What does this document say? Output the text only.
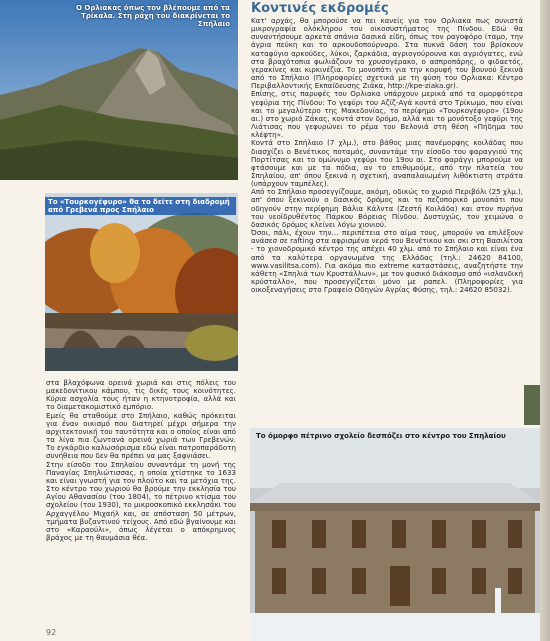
Ο Ορλιακας όπως τον βλέπουμε από τα Τρίκαλα. Στη ράχη του διακρίνεται το Σπήλαιο
Το «Τουρκογέφυρο» θα το δείτε στη διαδρομή από Γρεβενά προς Σπήλαιο

στα βλαχόφωνα ορεινά χωριά και στις πόλεις του μακεδονίτικου κάμπου, τις δικές τους κοινότητες. Κύρια ασχολία τους ήταν η κτηνοτροφία, αλλά και το διαμετακομιστικό εμπόριο.

Εμείς θα σταθούμε στο Σπήλαιο, καθώς πρόκειται για έναν οικισμό που διατηρεί μέχρι σήμερα την αρχιτεκτονική του ταυτότητα και ο οποίος είναι από τα λίγα πια ζωντανά ορεινά χωριά των Γρεβενών. Το εγκάρδιο καλωσόρισμα εδώ είναι πατροπαράδοτη συνήθεια που δεν θα πρέπει να μας ξαφνιάσει.

Στην είσοδο του Σπηλαίου συναντάμε τη μονή της Παναγίας Σπηλιώτισσας, η οποία χτίστηκε το 1633 και είναι γνωστή για τον πλούτο και τα μετόχια της. Στο κέντρο του χωριού θα βρούμε την εκκλησία του Αγίου Αθανασίου (του 1804), το πέτρινο κτίσμα του σχολείου (του 1930), το μικροσκοπικό εκκλησάκι του Αρχαγγέλου Μιχαήλ και, σε απόσταση 50 μέτρων, τμήματα βυζαντινού τείχους. Από εδώ βγαίνουμε και στο «Καραούλι», όπως λέγεται ο απόκρημνος βράχος με τη θαυμάσια θέα.

92
Κοντινές εκδρομές

Κατ' αρχάς, θα μπορούσε να πει κανείς για τον Ορλιακα πως συνιστά μικρογραφία ολόκληρου του οικοσυστήματος της Πίνδου. Εδώ θα συναντήσουμε αρκετά σπάνια δασικά είδη, όπως τον ραγοφόρο ίταμο, την άγρια πεύκη και το αρκουδοπούρναρο. Στα πυκνά δάση του βρίσκουν καταφύγιο αρκούδες, λύκοι, ζαρκάδια, αγριογούρουνα και αγριόγατες, ενώ στα βραχότοπια φωλιάζουν το χρυσογέρακο, ο ασπροπάρης, ο φιδαετός, γερακίνες και κιρκινέζια. Το μονοπάτι για την κορυφή του βουνού ξεκινά από το Σπήλαιο (Πληροφορίες σχετικά με τη φύση του Ορλιακα: Κέντρο Περιβαλλοντικής Εκπαίδευσης Ζιάκα, http://kpe-ziaka.gr).

Επίσης, στις παρυφές του Ορλιακα υπάρχουν μερικά από τα ομορφότερα γεφύρια της Πίνδου: Το γεφύρι του Αζίζ-Αγά κοντά στο Τρίκωμο, που είναι και το μεγαλύτερο της Μακεδονίας, το περίφημο «Τουρκογέφυρο» (19ου αι.) στο χωριό Ζάκας, κοντά στον δρόμο, αλλά και το μονότοξο γεφύρι της Λιάτισας που γεφυρώνει το ρέμα του Βελονιά στη θέση «Πήδημα του κλέφτη».

Κοντά στο Σπήλαιο (7 χλμ.), στο βάθος μιας πανέμορφης κοιλάδας που διασχίζει ο Βενέτικος ποταμός, συναντάμε την είσοδο του φαραγγιού της Πορτίτσας και το ομώνυμο γεφύρι του 19ου αι. Στο φαράγγι μπορούμε να φτάσουμε και με τα πόδια, αν το επιθυμούμε, από την πλατεία του Σπηλαίου, απ' όπου ξεκινά η σχετική, αναπαλαιωμένη λιθόκτιστη στράτα (υπάρχουν ταμπέλες).

Από το Σπήλαιο προσεγγίζουμε, ακόμη, οδικώς το χωριό Περιβόλι (25 χλμ.), απ' όπου ξεκινούν ο δασικός δρόμος και το πεζοπορικό μονοπάτι που οδηγούν στην περίφημη Βάλια Κάλντα (Ζεστή Κοιλάδα) και στον πυρήνα του νεοϊδρυθέντος Πάρκου Βόρειας Πίνδου. Δυστυχώς, τον χειμώνα ο δασικός δρόμος κλείνει λόγω χιονιού.

Όσοι, πάλι, έχουν την… περιπέτεια στο αίμα τους, μπορούν να επιλέξουν ανάσεσ σε rafting στα αφρισμένα νερά του Βενέτικου και σκι στη Βασιλίτσα - το χιονοδρομικό κέντρο της απέχει 40 χλμ. από το Σπήλαιο και είναι ένα από τα καλύτερα οργανωμένα της Ελλάδας (τηλ.: 24620 84100, www.vasilitsa.com). Για ακόμα πιο extreme καταστάσεις, αναζητήστε την κάθετη «Σπηλιά των Κρυστάλλων», με τον φυσικό διάκοσμο από «ισλανδική κρύσταλλο», που προσεγγίζεται μόνο με ραπελ. (Πληροφορίες για οικοξεναγήσεις στο Γραφείο Οδηγών Αγρίας Φύσης, τηλ.: 24620 85032).

Το όμορφο πέτρινο σχολείο δεσπόζει στο κέντρο του Σπηλαίου
